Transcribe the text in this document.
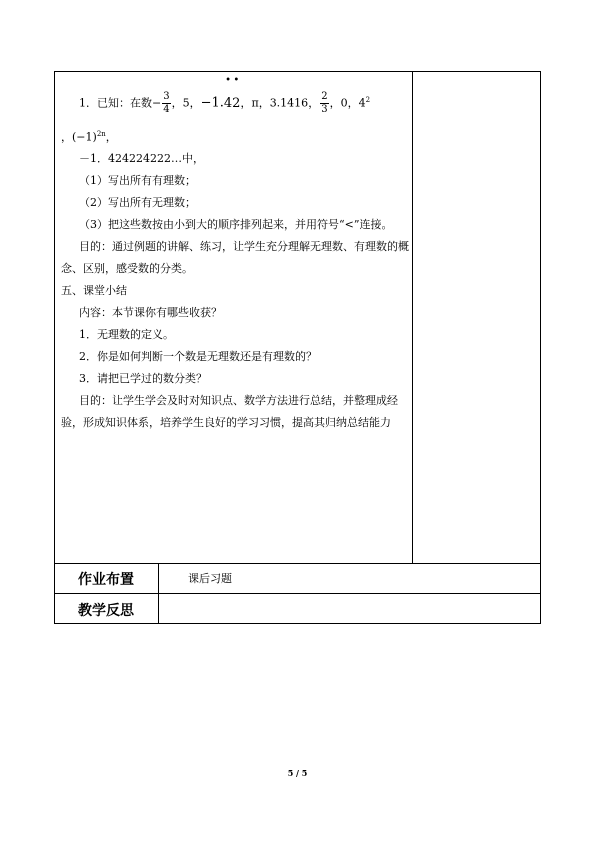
1．已知：在数− $\frac{3}{4}$ ，5，−1.
•
4
•
2，π，3.1416， $\frac{2}{3}$ ，0，$4^2$
，$(-1)^{2n}$，
－1．424224222…中，
（1）写出所有有理数；
（2）写出所有无理数；
（3）把这些数按由小到大的顺序排列起来，并用符号“<”连接。
目的：通过例题的讲解、练习，让学生充分理解无理数、有理数的概念、区别，感受数的分类。
五、课堂小结
内容：本节课你有哪些收获？
1．无理数的定义。
2．你是如何判断一个数是无理数还是有理数的？
3．请把已学过的数分类？
目的：让学生学会及时对知识点、数学方法进行总结，并整理成经验，形成知识体系，培养学生良好的学习习惯，提高其归纳总结能力
作业布置	课后习题
教学反思
5 / 5
